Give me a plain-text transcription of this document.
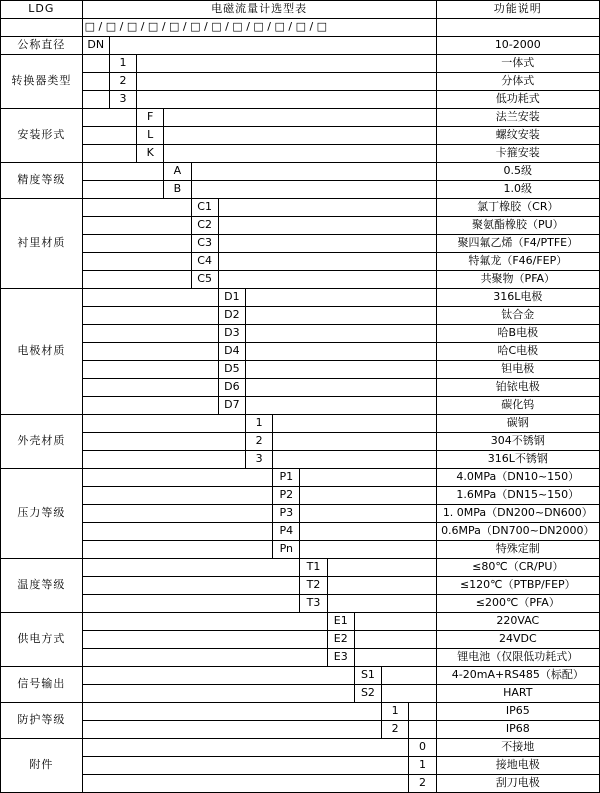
LDG	电磁流量计选型表													功能说明
	□ / □ / □ / □ / □ / □ / □ / □ / □ / □ / □ / □													
公称直径	DN													10-2000
转换器类型		1												一体式
		2												分体式
		3												低功耗式
安装形式			F											法兰安装
			L											螺纹安装
			K											卡箍安装
精度等级				A										0.5级
				B										1.0级
衬里材质					C1									氯丁橡胶（CR）
					C2									聚氨酯橡胶（PU）
					C3									聚四氟乙烯（F4/PTFE）
					C4									特氟龙（F46/FEP）
					C5									共聚物（PFA）
电极材质						D1								316L电极
						D2								钛合金
						D3								哈B电极
						D4								哈C电极
						D5								钽电极
						D6								铂铱电极
						D7								碳化钨
外壳材质							1							碳钢
							2							304不锈钢
							3							316L不锈钢
压力等级								P1						4.0MPa（DN10~150）
								P2						1.6MPa（DN15~150）
								P3						1. 0MPa（DN200~DN600）
								P4						0.6MPa（DN700~DN2000）
								Pn						特殊定制
温度等级									T1					≤80℃（CR/PU）
									T2					≤120℃（PTBP/FEP）
									T3					≤200℃（PFA）
供电方式										E1				220VAC
										E2				24VDC
										E3				锂电池（仅限低功耗式）
信号输出											S1			4-20mA+RS485（标配）
											S2			HART
防护等级												1		IP65
												2		IP68
附件													0	不接地
													1	接地电极
													2	刮刀电极
